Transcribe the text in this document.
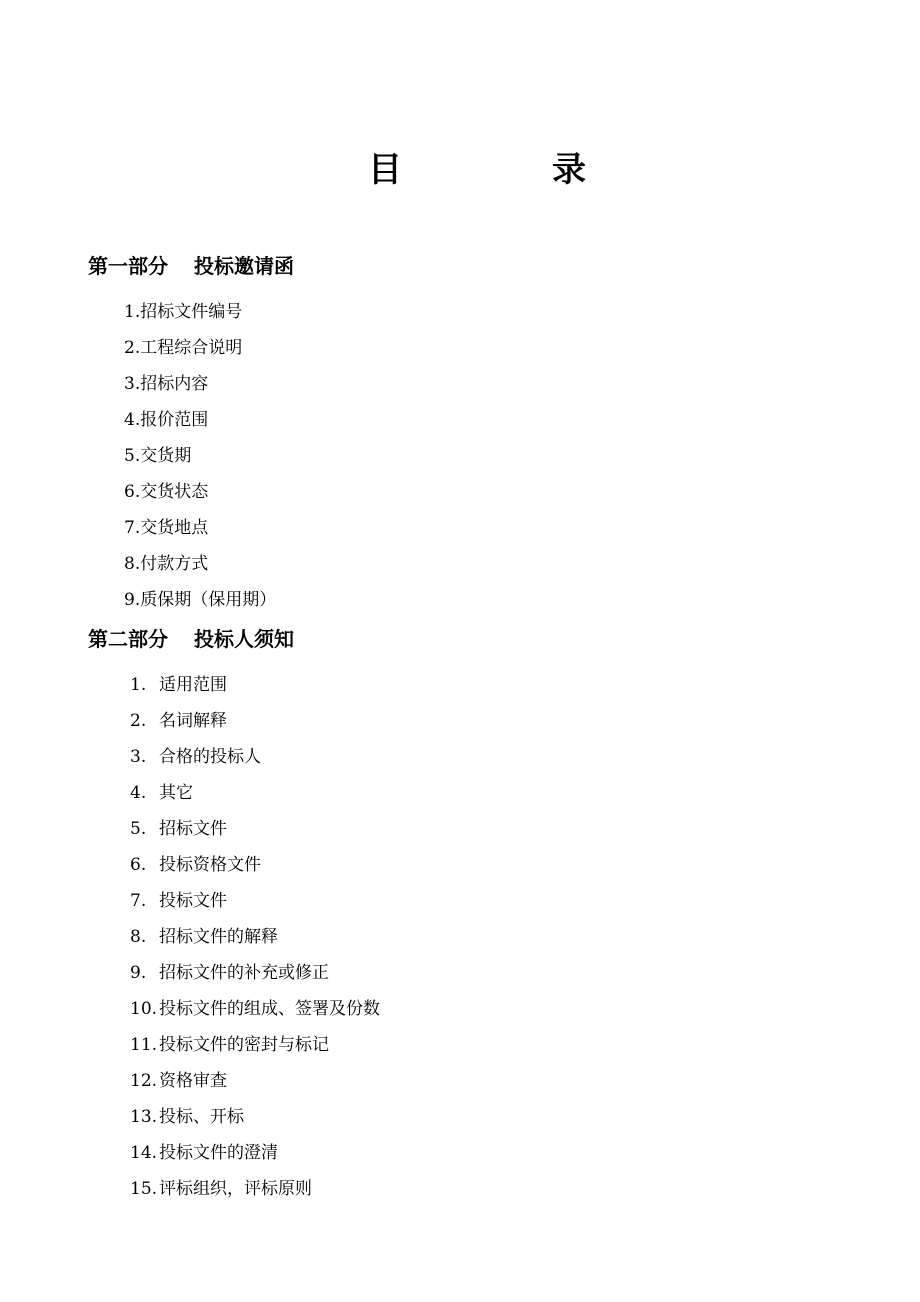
目	录
第一部分 投标邀请函
1.招标文件编号
2.工程综合说明
3.招标内容
4.报价范围
5.交货期
6.交货状态
7.交货地点
8.付款方式
9.质保期（保用期）
第二部分 投标人须知
1. 适用范围
2. 名词解释
3. 合格的投标人
4. 其它
5. 招标文件
6. 投标资格文件
7. 投标文件
8. 招标文件的解释
9. 招标文件的补充或修正
10. 投标文件的组成、签署及份数
11. 投标文件的密封与标记
12. 资格审查
13. 投标、开标
14. 投标文件的澄清
15. 评标组织，评标原则
